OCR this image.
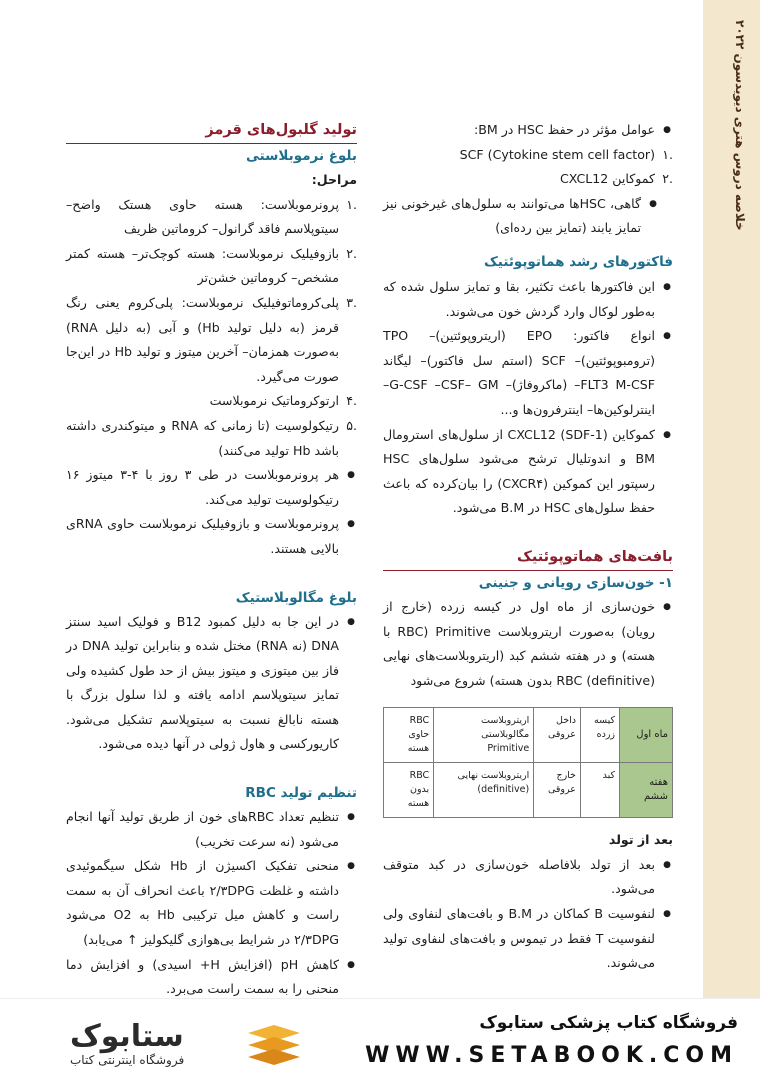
خلاصه دروس هتری دیویدسون ۲۰۲۲
● عوامل مؤثر در حفظ HSC در BM:
.۱
SCF (Cytokine stem cell factor)
.۲
کموکاین CXCL12
● گاهی، HSCها می‌توانند به سلول‌های غیرخونی نیز تمایز یابند (تمایز بین رده‌ای)

فاکتورهای رشد هماتوپوئتیک

● این فاکتورها باعث تکثیر، بقا و تمایز سلول شده که به‌طور لوکال وارد گردش خون می‌شوند.
● انواع فاکتور: EPO (اریتروپوئتین)– TPO (ترومبوپوئتین)– SCF (استم سل فاکتور)– لیگاند FLT3 M-CSF– (ماکروفاژ)– G-CSF –CSF– GM– اینترلوکین‌ها– اینترفرون‌ها و...
● کموکاین CXCL12 (SDF-1) از سلول‌های استرومال BM و اندوتلیال ترشح می‌شود سلول‌های HSC رسپتور این کموکین (CXCR۴) را بیان‌کرده که باعث حفظ سلول‌های HSC در B.M می‌شود.

بافت‌های هماتوپوئتیک

۱- خون‌سازی رویانی و جنینی

● خون‌سازی از ماه اول در کیسه زرده (خارج از رویان) به‌صورت اریتروبلاست Primitive (RBC با هسته) و در هفته ششم کبد (اریتروبلاست‌های نهایی (definitive) RBC بدون هسته) شروع می‌شود
ماه اول	کیسه زرده	داخل عروقی	اریتروبلاست مگالوبلاستی Primitive	RBC حاوی هسته
هفته ششم	کبد	خارج عروقی	اریتروبلاست نهایی (definitive)	RBC بدون هسته

بعد از تولد

● بعد از تولد بلافاصله خون‌سازی در کبد متوقف می‌شود.
● لنفوسیت B کماکان در B.M و بافت‌های لنفاوی ولی لنفوسیت T فقط در تیموس و بافت‌های لنفاوی تولید می‌شوند.

تولید گلبول‌های قرمز

بلوغ نرموبلاستی

مراحل:

.۱
پرونرموبلاست: هسته حاوی هستک واضح– سیتوپلاسم فاقد گرانول– کروماتین ظریف
.۲
بازوفیلیک نرموبلاست: هسته کوچک‌تر– هسته کمتر مشخص– کروماتین خشن‌تر
.۳
پلی‌کروماتوفیلیک نرموبلاست: پلی‌کروم یعنی رنگ قرمز (به دلیل تولید Hb) و آبی (به دلیل RNA) به‌صورت همزمان– آخرین میتوز و تولید Hb در این‌جا صورت می‌گیرد.
.۴
ارتوکروماتیک نرموبلاست
.۵
رتیکولوسیت (تا زمانی که RNA و میتوکندری داشته باشد Hb تولید می‌کنند)
● هر پرونرموبلاست در طی ۳ روز با ۴-۳ میتوز ۱۶ رتیکولوسیت تولید می‌کند.
● پرونرموبلاست و بازوفیلیک نرموبلاست حاوی RNAی بالایی هستند.

بلوغ مگالوبلاستیک

● در این جا به دلیل کمبود B12 و فولیک اسید سنتز DNA (نه RNA) مختل شده و بنابراین تولید DNA در فاز بین میتوزی و میتوز بیش از حد طول کشیده ولی تمایز سیتوپلاسم ادامه یافته و لذا سلول بزرگ با هسته نابالغ نسبت به سیتوپلاسم تشکیل می‌شود. کاریورکسی و هاول ژولی در آنها دیده می‌شود.

تنظیم تولید RBC

● تنظیم تعداد RBCهای خون از طریق تولید آنها انجام می‌شود (نه سرعت تخریب)
● منحنی تفکیک اکسیژن از Hb شکل سیگموئیدی داشته و غلظت ۲/۳DPG باعث انحراف آن به سمت راست و کاهش میل ترکیبی Hb به O2 می‌شود ۲/۳DPG در شرایط بی‌هوازی گلیکولیز ↑ می‌یابد)
● کاهش pH (افزایش H+ اسیدی) و افزایش دما منحنی را به سمت راست می‌برد.
ستابوک
فروشگاه اینترنتی کتاب
فروشگاه کتاب پزشکی ستابوک
WWW.SETABOOK.COM
